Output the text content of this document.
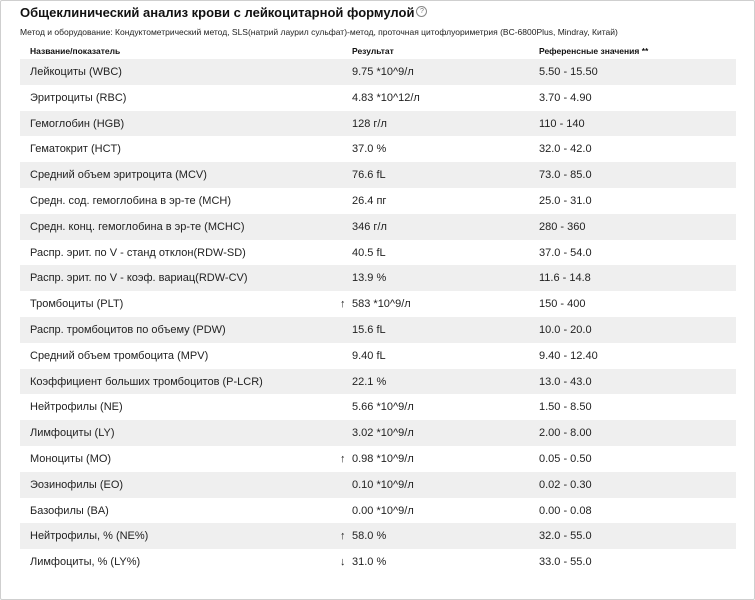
Общеклинический анализ крови с лейкоцитарной формулой ?
Метод и оборудование: Кондуктометрический метод, SLS(натрий лаурил сульфат)-метод, проточная цитофлуориметрия (BC-6800Plus, Mindray, Китай)
Название/показатель	Результат	Референсные значения **
Лейкоциты (WBC)	9.75 *10^9/л	5.50 - 15.50
Эритроциты (RBC)	4.83 *10^12/л	3.70 - 4.90
Гемоглобин (HGB)	128 г/л	110 - 140
Гематокрит (HCT)	37.0 %	32.0 - 42.0
Средний объем эритроцита (MCV)	76.6 fL	73.0 - 85.0
Средн. сод. гемоглобина в эр-те (MCH)	26.4 пг	25.0 - 31.0
Средн. конц. гемоглобина в эр-те (MCHC)	346 г/л	280 - 360
Распр. эрит. по V - станд отклон(RDW-SD)	40.5 fL	37.0 - 54.0
Распр. эрит. по V - коэф. вариац(RDW-CV)	13.9 %	11.6 - 14.8
Тромбоциты (PLT)	↑ 583 *10^9/л	150 - 400
Распр. тромбоцитов по объему (PDW)	15.6 fL	10.0 - 20.0
Средний объем тромбоцита (MPV)	9.40 fL	9.40 - 12.40
Коэффициент больших тромбоцитов (P-LCR)	22.1 %	13.0 - 43.0
Нейтрофилы (NE)	5.66 *10^9/л	1.50 - 8.50
Лимфоциты (LY)	3.02 *10^9/л	2.00 - 8.00
Моноциты (MO)	↑ 0.98 *10^9/л	0.05 - 0.50
Эозинофилы (EO)	0.10 *10^9/л	0.02 - 0.30
Базофилы (BA)	0.00 *10^9/л	0.00 - 0.08
Нейтрофилы, % (NE%)	↑ 58.0 %	32.0 - 55.0
Лимфоциты, % (LY%)	↓ 31.0 %	33.0 - 55.0
